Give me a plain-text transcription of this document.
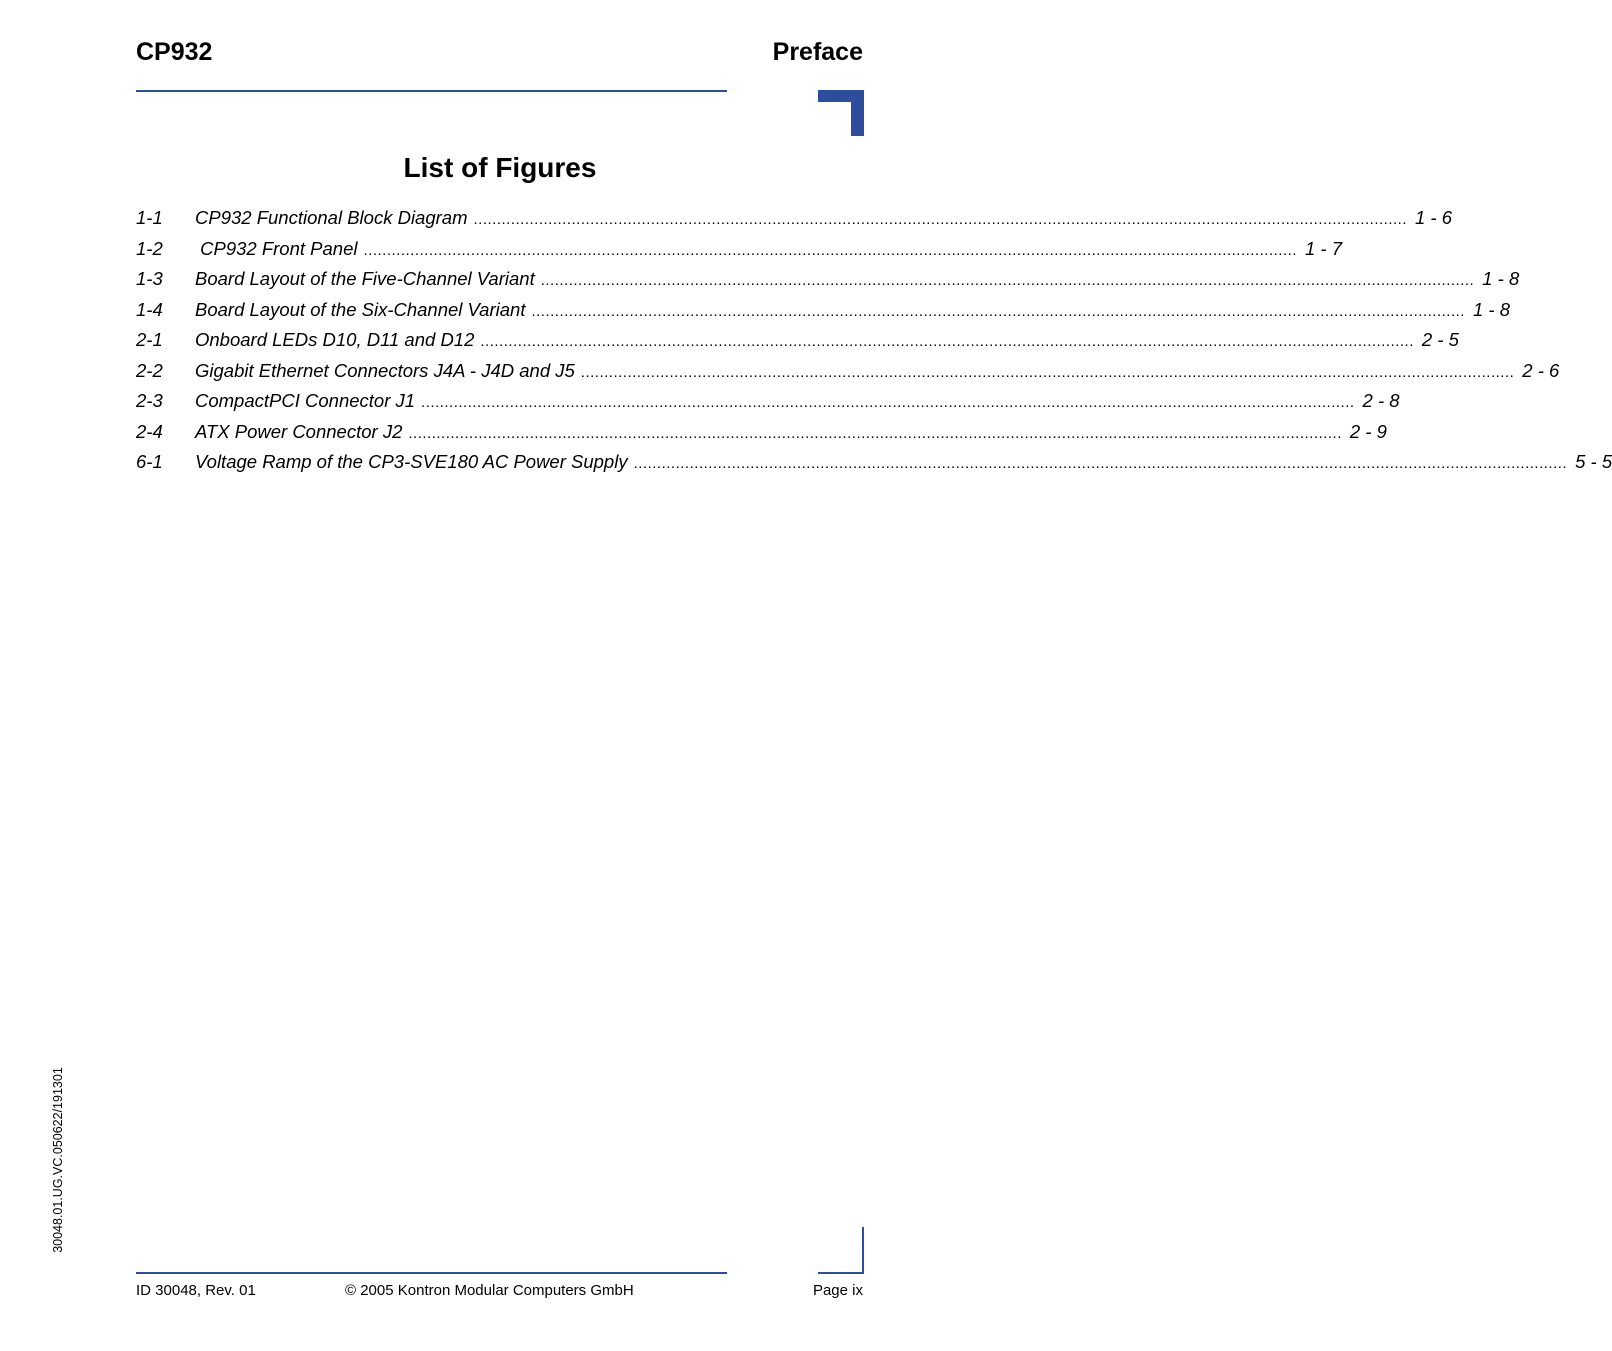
CP932	Preface
List of Figures
1-1	CP932 Functional Block Diagram ........................................................................................................................................................................................................ 1 - 6
1-2	CP932 Front Panel ........................................................................................................................................................................................................ 1 - 7
1-3	Board Layout of the Five-Channel Variant ........................................................................................................................................................................................................ 1 - 8
1-4	Board Layout of the Six-Channel Variant ........................................................................................................................................................................................................ 1 - 8
2-1	Onboard LEDs D10, D11 and D12 ........................................................................................................................................................................................................ 2 - 5
2-2	Gigabit Ethernet Connectors J4A - J4D and J5 ........................................................................................................................................................................................................ 2 - 6
2-3	CompactPCI Connector J1 ........................................................................................................................................................................................................ 2 - 8
2-4	ATX Power Connector J2 ........................................................................................................................................................................................................ 2 - 9
6-1	Voltage Ramp of the CP3-SVE180 AC Power Supply ........................................................................................................................................................................................................ 5 - 5
30048.01.UG.VC.050622/191301
ID 30048, Rev. 01	© 2005 Kontron Modular Computers GmbH	Page ix
